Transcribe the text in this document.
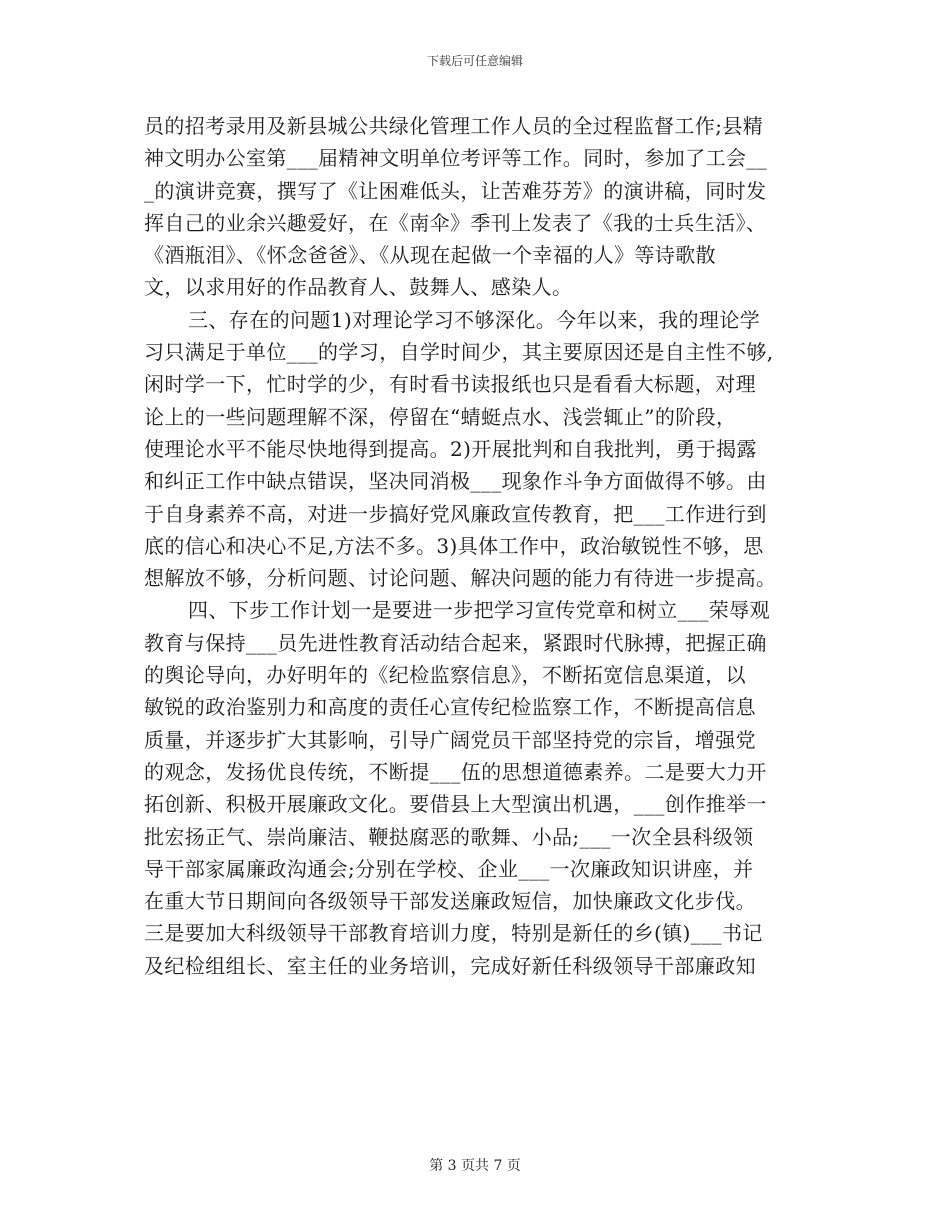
下载后可任意编辑
员的招考录用及新县城公共绿化管理工作人员的全过程监督工作;县精
神文明办公室第___届精神文明单位考评等工作。同时，参加了工会__
_的演讲竞赛，撰写了《让困难低头，让苦难芬芳》的演讲稿，同时发
挥自己的业余兴趣爱好，在《南伞》季刊上发表了《我的士兵生活》、
《酒瓶泪》、《怀念爸爸》、《从现在起做一个幸福的人》等诗歌散
文，以求用好的作品教育人、鼓舞人、感染人。
三、存在的问题1)对理论学习不够深化。今年以来，我的理论学
习只满足于单位___的学习，自学时间少，其主要原因还是自主性不够,
闲时学一下，忙时学的少，有时看书读报纸也只是看看大标题，对理
论上的一些问题理解不深，停留在“蜻蜓点水、浅尝辄止”的阶段，
使理论水平不能尽快地得到提高。2)开展批判和自我批判，勇于揭露
和纠正工作中缺点错误，坚决同消极___现象作斗争方面做得不够。由
于自身素养不高，对进一步搞好党风廉政宣传教育，把___工作进行到
底的信心和决心不足,方法不多。3)具体工作中，政治敏锐性不够，思
想解放不够，分析问题、讨论问题、解决问题的能力有待进一步提高。
四、下步工作计划一是要进一步把学习宣传党章和树立___荣辱观
教育与保持___员先进性教育活动结合起来，紧跟时代脉搏，把握正确
的舆论导向，办好明年的《纪检监察信息》，不断拓宽信息渠道，以
敏锐的政治鉴别力和高度的责任心宣传纪检监察工作，不断提高信息
质量，并逐步扩大其影响，引导广阔党员干部坚持党的宗旨，增强党
的观念，发扬优良传统，不断提___伍的思想道德素养。二是要大力开
拓创新、积极开展廉政文化。要借县上大型演出机遇，___创作推举一
批宏扬正气、崇尚廉洁、鞭挞腐恶的歌舞、小品;___一次全县科级领
导干部家属廉政沟通会;分别在学校、企业___一次廉政知识讲座，并
在重大节日期间向各级领导干部发送廉政短信，加快廉政文化步伐。
三是要加大科级领导干部教育培训力度，特别是新任的乡(镇)___书记
及纪检组组长、室主任的业务培训，完成好新任科级领导干部廉政知
第 3 页共 7 页
